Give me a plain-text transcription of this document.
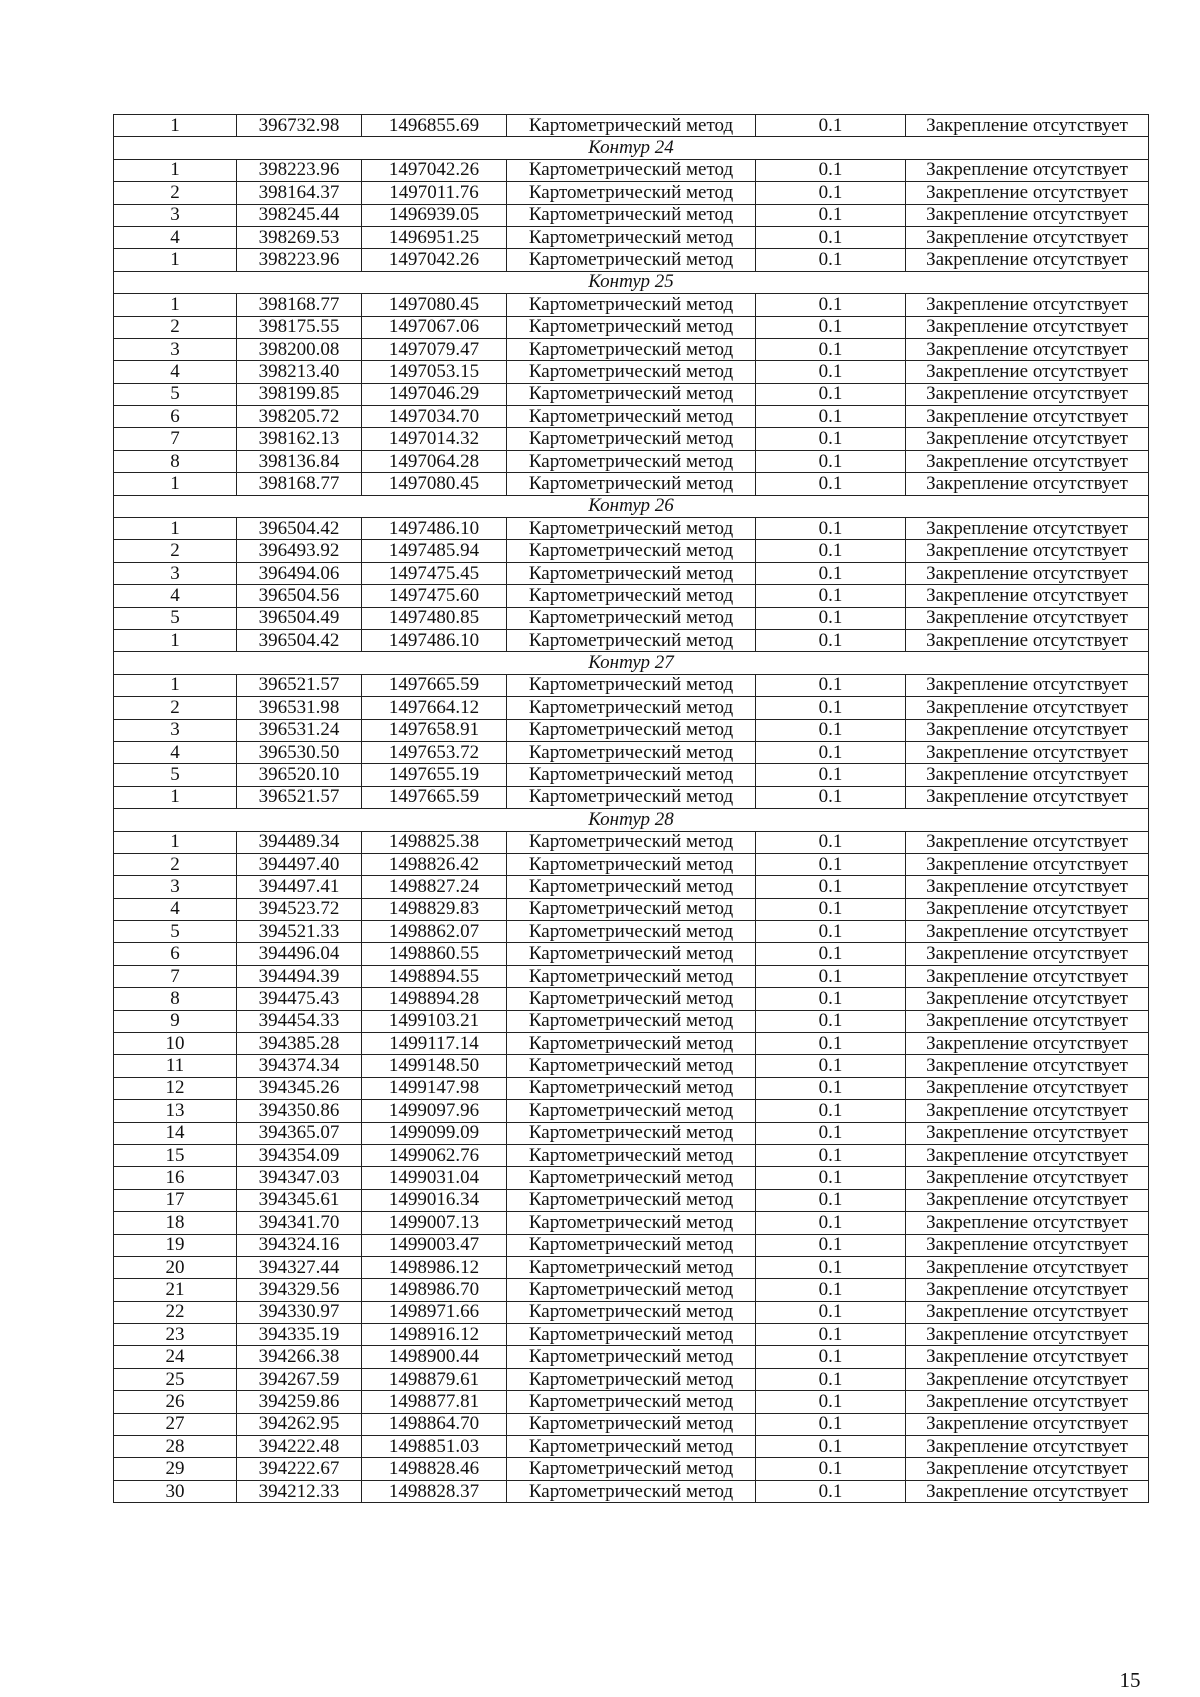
1	396732.98	1496855.69	Картометрический метод	0.1	Закрепление отсутствует
Контур 24					
1	398223.96	1497042.26	Картометрический метод	0.1	Закрепление отсутствует
2	398164.37	1497011.76	Картометрический метод	0.1	Закрепление отсутствует
3	398245.44	1496939.05	Картометрический метод	0.1	Закрепление отсутствует
4	398269.53	1496951.25	Картометрический метод	0.1	Закрепление отсутствует
1	398223.96	1497042.26	Картометрический метод	0.1	Закрепление отсутствует
Контур 25					
1	398168.77	1497080.45	Картометрический метод	0.1	Закрепление отсутствует
2	398175.55	1497067.06	Картометрический метод	0.1	Закрепление отсутствует
3	398200.08	1497079.47	Картометрический метод	0.1	Закрепление отсутствует
4	398213.40	1497053.15	Картометрический метод	0.1	Закрепление отсутствует
5	398199.85	1497046.29	Картометрический метод	0.1	Закрепление отсутствует
6	398205.72	1497034.70	Картометрический метод	0.1	Закрепление отсутствует
7	398162.13	1497014.32	Картометрический метод	0.1	Закрепление отсутствует
8	398136.84	1497064.28	Картометрический метод	0.1	Закрепление отсутствует
1	398168.77	1497080.45	Картометрический метод	0.1	Закрепление отсутствует
Контур 26					
1	396504.42	1497486.10	Картометрический метод	0.1	Закрепление отсутствует
2	396493.92	1497485.94	Картометрический метод	0.1	Закрепление отсутствует
3	396494.06	1497475.45	Картометрический метод	0.1	Закрепление отсутствует
4	396504.56	1497475.60	Картометрический метод	0.1	Закрепление отсутствует
5	396504.49	1497480.85	Картометрический метод	0.1	Закрепление отсутствует
1	396504.42	1497486.10	Картометрический метод	0.1	Закрепление отсутствует
Контур 27					
1	396521.57	1497665.59	Картометрический метод	0.1	Закрепление отсутствует
2	396531.98	1497664.12	Картометрический метод	0.1	Закрепление отсутствует
3	396531.24	1497658.91	Картометрический метод	0.1	Закрепление отсутствует
4	396530.50	1497653.72	Картометрический метод	0.1	Закрепление отсутствует
5	396520.10	1497655.19	Картометрический метод	0.1	Закрепление отсутствует
1	396521.57	1497665.59	Картометрический метод	0.1	Закрепление отсутствует
Контур 28					
1	394489.34	1498825.38	Картометрический метод	0.1	Закрепление отсутствует
2	394497.40	1498826.42	Картометрический метод	0.1	Закрепление отсутствует
3	394497.41	1498827.24	Картометрический метод	0.1	Закрепление отсутствует
4	394523.72	1498829.83	Картометрический метод	0.1	Закрепление отсутствует
5	394521.33	1498862.07	Картометрический метод	0.1	Закрепление отсутствует
6	394496.04	1498860.55	Картометрический метод	0.1	Закрепление отсутствует
7	394494.39	1498894.55	Картометрический метод	0.1	Закрепление отсутствует
8	394475.43	1498894.28	Картометрический метод	0.1	Закрепление отсутствует
9	394454.33	1499103.21	Картометрический метод	0.1	Закрепление отсутствует
10	394385.28	1499117.14	Картометрический метод	0.1	Закрепление отсутствует
11	394374.34	1499148.50	Картометрический метод	0.1	Закрепление отсутствует
12	394345.26	1499147.98	Картометрический метод	0.1	Закрепление отсутствует
13	394350.86	1499097.96	Картометрический метод	0.1	Закрепление отсутствует
14	394365.07	1499099.09	Картометрический метод	0.1	Закрепление отсутствует
15	394354.09	1499062.76	Картометрический метод	0.1	Закрепление отсутствует
16	394347.03	1499031.04	Картометрический метод	0.1	Закрепление отсутствует
17	394345.61	1499016.34	Картометрический метод	0.1	Закрепление отсутствует
18	394341.70	1499007.13	Картометрический метод	0.1	Закрепление отсутствует
19	394324.16	1499003.47	Картометрический метод	0.1	Закрепление отсутствует
20	394327.44	1498986.12	Картометрический метод	0.1	Закрепление отсутствует
21	394329.56	1498986.70	Картометрический метод	0.1	Закрепление отсутствует
22	394330.97	1498971.66	Картометрический метод	0.1	Закрепление отсутствует
23	394335.19	1498916.12	Картометрический метод	0.1	Закрепление отсутствует
24	394266.38	1498900.44	Картометрический метод	0.1	Закрепление отсутствует
25	394267.59	1498879.61	Картометрический метод	0.1	Закрепление отсутствует
26	394259.86	1498877.81	Картометрический метод	0.1	Закрепление отсутствует
27	394262.95	1498864.70	Картометрический метод	0.1	Закрепление отсутствует
28	394222.48	1498851.03	Картометрический метод	0.1	Закрепление отсутствует
29	394222.67	1498828.46	Картометрический метод	0.1	Закрепление отсутствует
30	394212.33	1498828.37	Картометрический метод	0.1	Закрепление отсутствует
15
